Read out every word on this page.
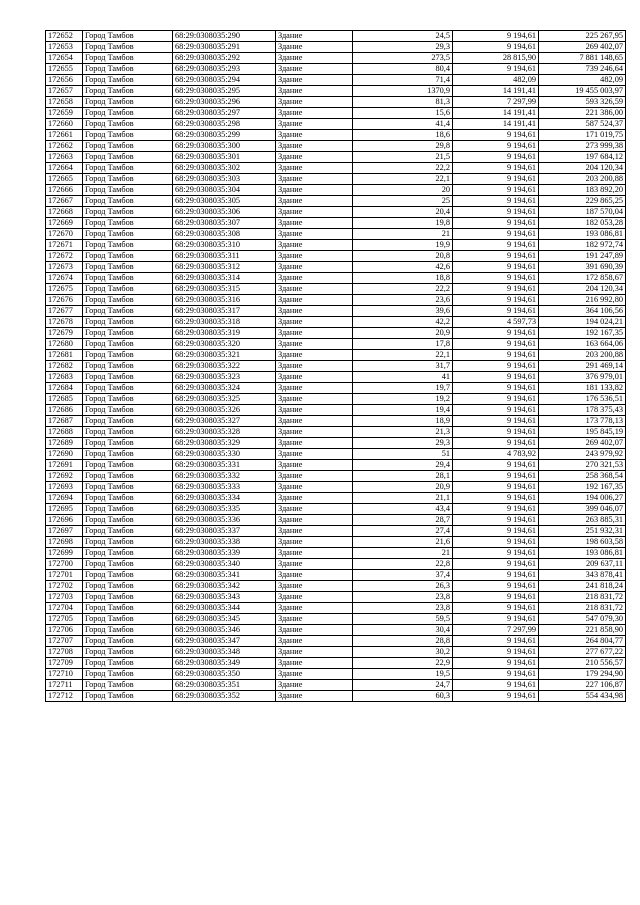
172652	Город Тамбов	68:29:0308035:290	Здание	24,5	9 194,61	225 267,95
172653	Город Тамбов	68:29:0308035:291	Здание	29,3	9 194,61	269 402,07
172654	Город Тамбов	68:29:0308035:292	Здание	273,5	28 815,90	7 881 148,65
172655	Город Тамбов	68:29:0308035:293	Здание	80,4	9 194,61	739 246,64
172656	Город Тамбов	68:29:0308035:294	Здание	71,4	482,09	482,09
172657	Город Тамбов	68:29:0308035:295	Здание	1370,9	14 191,41	19 455 003,97
172658	Город Тамбов	68:29:0308035:296	Здание	81,3	7 297,99	593 326,59
172659	Город Тамбов	68:29:0308035:297	Здание	15,6	14 191,41	221 386,00
172660	Город Тамбов	68:29:0308035:298	Здание	41,4	14 191,41	587 524,37
172661	Город Тамбов	68:29:0308035:299	Здание	18,6	9 194,61	171 019,75
172662	Город Тамбов	68:29:0308035:300	Здание	29,8	9 194,61	273 999,38
172663	Город Тамбов	68:29:0308035:301	Здание	21,5	9 194,61	197 684,12
172664	Город Тамбов	68:29:0308035:302	Здание	22,2	9 194,61	204 120,34
172665	Город Тамбов	68:29:0308035:303	Здание	22,1	9 194,61	203 200,88
172666	Город Тамбов	68:29:0308035:304	Здание	20	9 194,61	183 892,20
172667	Город Тамбов	68:29:0308035:305	Здание	25	9 194,61	229 865,25
172668	Город Тамбов	68:29:0308035:306	Здание	20,4	9 194,61	187 570,04
172669	Город Тамбов	68:29:0308035:307	Здание	19,8	9 194,61	182 053,28
172670	Город Тамбов	68:29:0308035:308	Здание	21	9 194,61	193 086,81
172671	Город Тамбов	68:29:0308035:310	Здание	19,9	9 194,61	182 972,74
172672	Город Тамбов	68:29:0308035:311	Здание	20,8	9 194,61	191 247,89
172673	Город Тамбов	68:29:0308035:312	Здание	42,6	9 194,61	391 690,39
172674	Город Тамбов	68:29:0308035:314	Здание	18,8	9 194,61	172 858,67
172675	Город Тамбов	68:29:0308035:315	Здание	22,2	9 194,61	204 120,34
172676	Город Тамбов	68:29:0308035:316	Здание	23,6	9 194,61	216 992,80
172677	Город Тамбов	68:29:0308035:317	Здание	39,6	9 194,61	364 106,56
172678	Город Тамбов	68:29:0308035:318	Здание	42,2	4 597,73	194 024,21
172679	Город Тамбов	68:29:0308035:319	Здание	20,9	9 194,61	192 167,35
172680	Город Тамбов	68:29:0308035:320	Здание	17,8	9 194,61	163 664,06
172681	Город Тамбов	68:29:0308035:321	Здание	22,1	9 194,61	203 200,88
172682	Город Тамбов	68:29:0308035:322	Здание	31,7	9 194,61	291 469,14
172683	Город Тамбов	68:29:0308035:323	Здание	41	9 194,61	376 979,01
172684	Город Тамбов	68:29:0308035:324	Здание	19,7	9 194,61	181 133,82
172685	Город Тамбов	68:29:0308035:325	Здание	19,2	9 194,61	176 536,51
172686	Город Тамбов	68:29:0308035:326	Здание	19,4	9 194,61	178 375,43
172687	Город Тамбов	68:29:0308035:327	Здание	18,9	9 194,61	173 778,13
172688	Город Тамбов	68:29:0308035:328	Здание	21,3	9 194,61	195 845,19
172689	Город Тамбов	68:29:0308035:329	Здание	29,3	9 194,61	269 402,07
172690	Город Тамбов	68:29:0308035:330	Здание	51	4 783,92	243 979,92
172691	Город Тамбов	68:29:0308035:331	Здание	29,4	9 194,61	270 321,53
172692	Город Тамбов	68:29:0308035:332	Здание	28,1	9 194,61	258 368,54
172693	Город Тамбов	68:29:0308035:333	Здание	20,9	9 194,61	192 167,35
172694	Город Тамбов	68:29:0308035:334	Здание	21,1	9 194,61	194 006,27
172695	Город Тамбов	68:29:0308035:335	Здание	43,4	9 194,61	399 046,07
172696	Город Тамбов	68:29:0308035:336	Здание	28,7	9 194,61	263 885,31
172697	Город Тамбов	68:29:0308035:337	Здание	27,4	9 194,61	251 932,31
172698	Город Тамбов	68:29:0308035:338	Здание	21,6	9 194,61	198 603,58
172699	Город Тамбов	68:29:0308035:339	Здание	21	9 194,61	193 086,81
172700	Город Тамбов	68:29:0308035:340	Здание	22,8	9 194,61	209 637,11
172701	Город Тамбов	68:29:0308035:341	Здание	37,4	9 194,61	343 878,41
172702	Город Тамбов	68:29:0308035:342	Здание	26,3	9 194,61	241 818,24
172703	Город Тамбов	68:29:0308035:343	Здание	23,8	9 194,61	218 831,72
172704	Город Тамбов	68:29:0308035:344	Здание	23,8	9 194,61	218 831,72
172705	Город Тамбов	68:29:0308035:345	Здание	59,5	9 194,61	547 079,30
172706	Город Тамбов	68:29:0308035:346	Здание	30,4	7 297,99	221 858,90
172707	Город Тамбов	68:29:0308035:347	Здание	28,8	9 194,61	264 804,77
172708	Город Тамбов	68:29:0308035:348	Здание	30,2	9 194,61	277 677,22
172709	Город Тамбов	68:29:0308035:349	Здание	22,9	9 194,61	210 556,57
172710	Город Тамбов	68:29:0308035:350	Здание	19,5	9 194,61	179 294,90
172711	Город Тамбов	68:29:0308035:351	Здание	24,7	9 194,61	227 106,87
172712	Город Тамбов	68:29:0308035:352	Здание	60,3	9 194,61	554 434,98
